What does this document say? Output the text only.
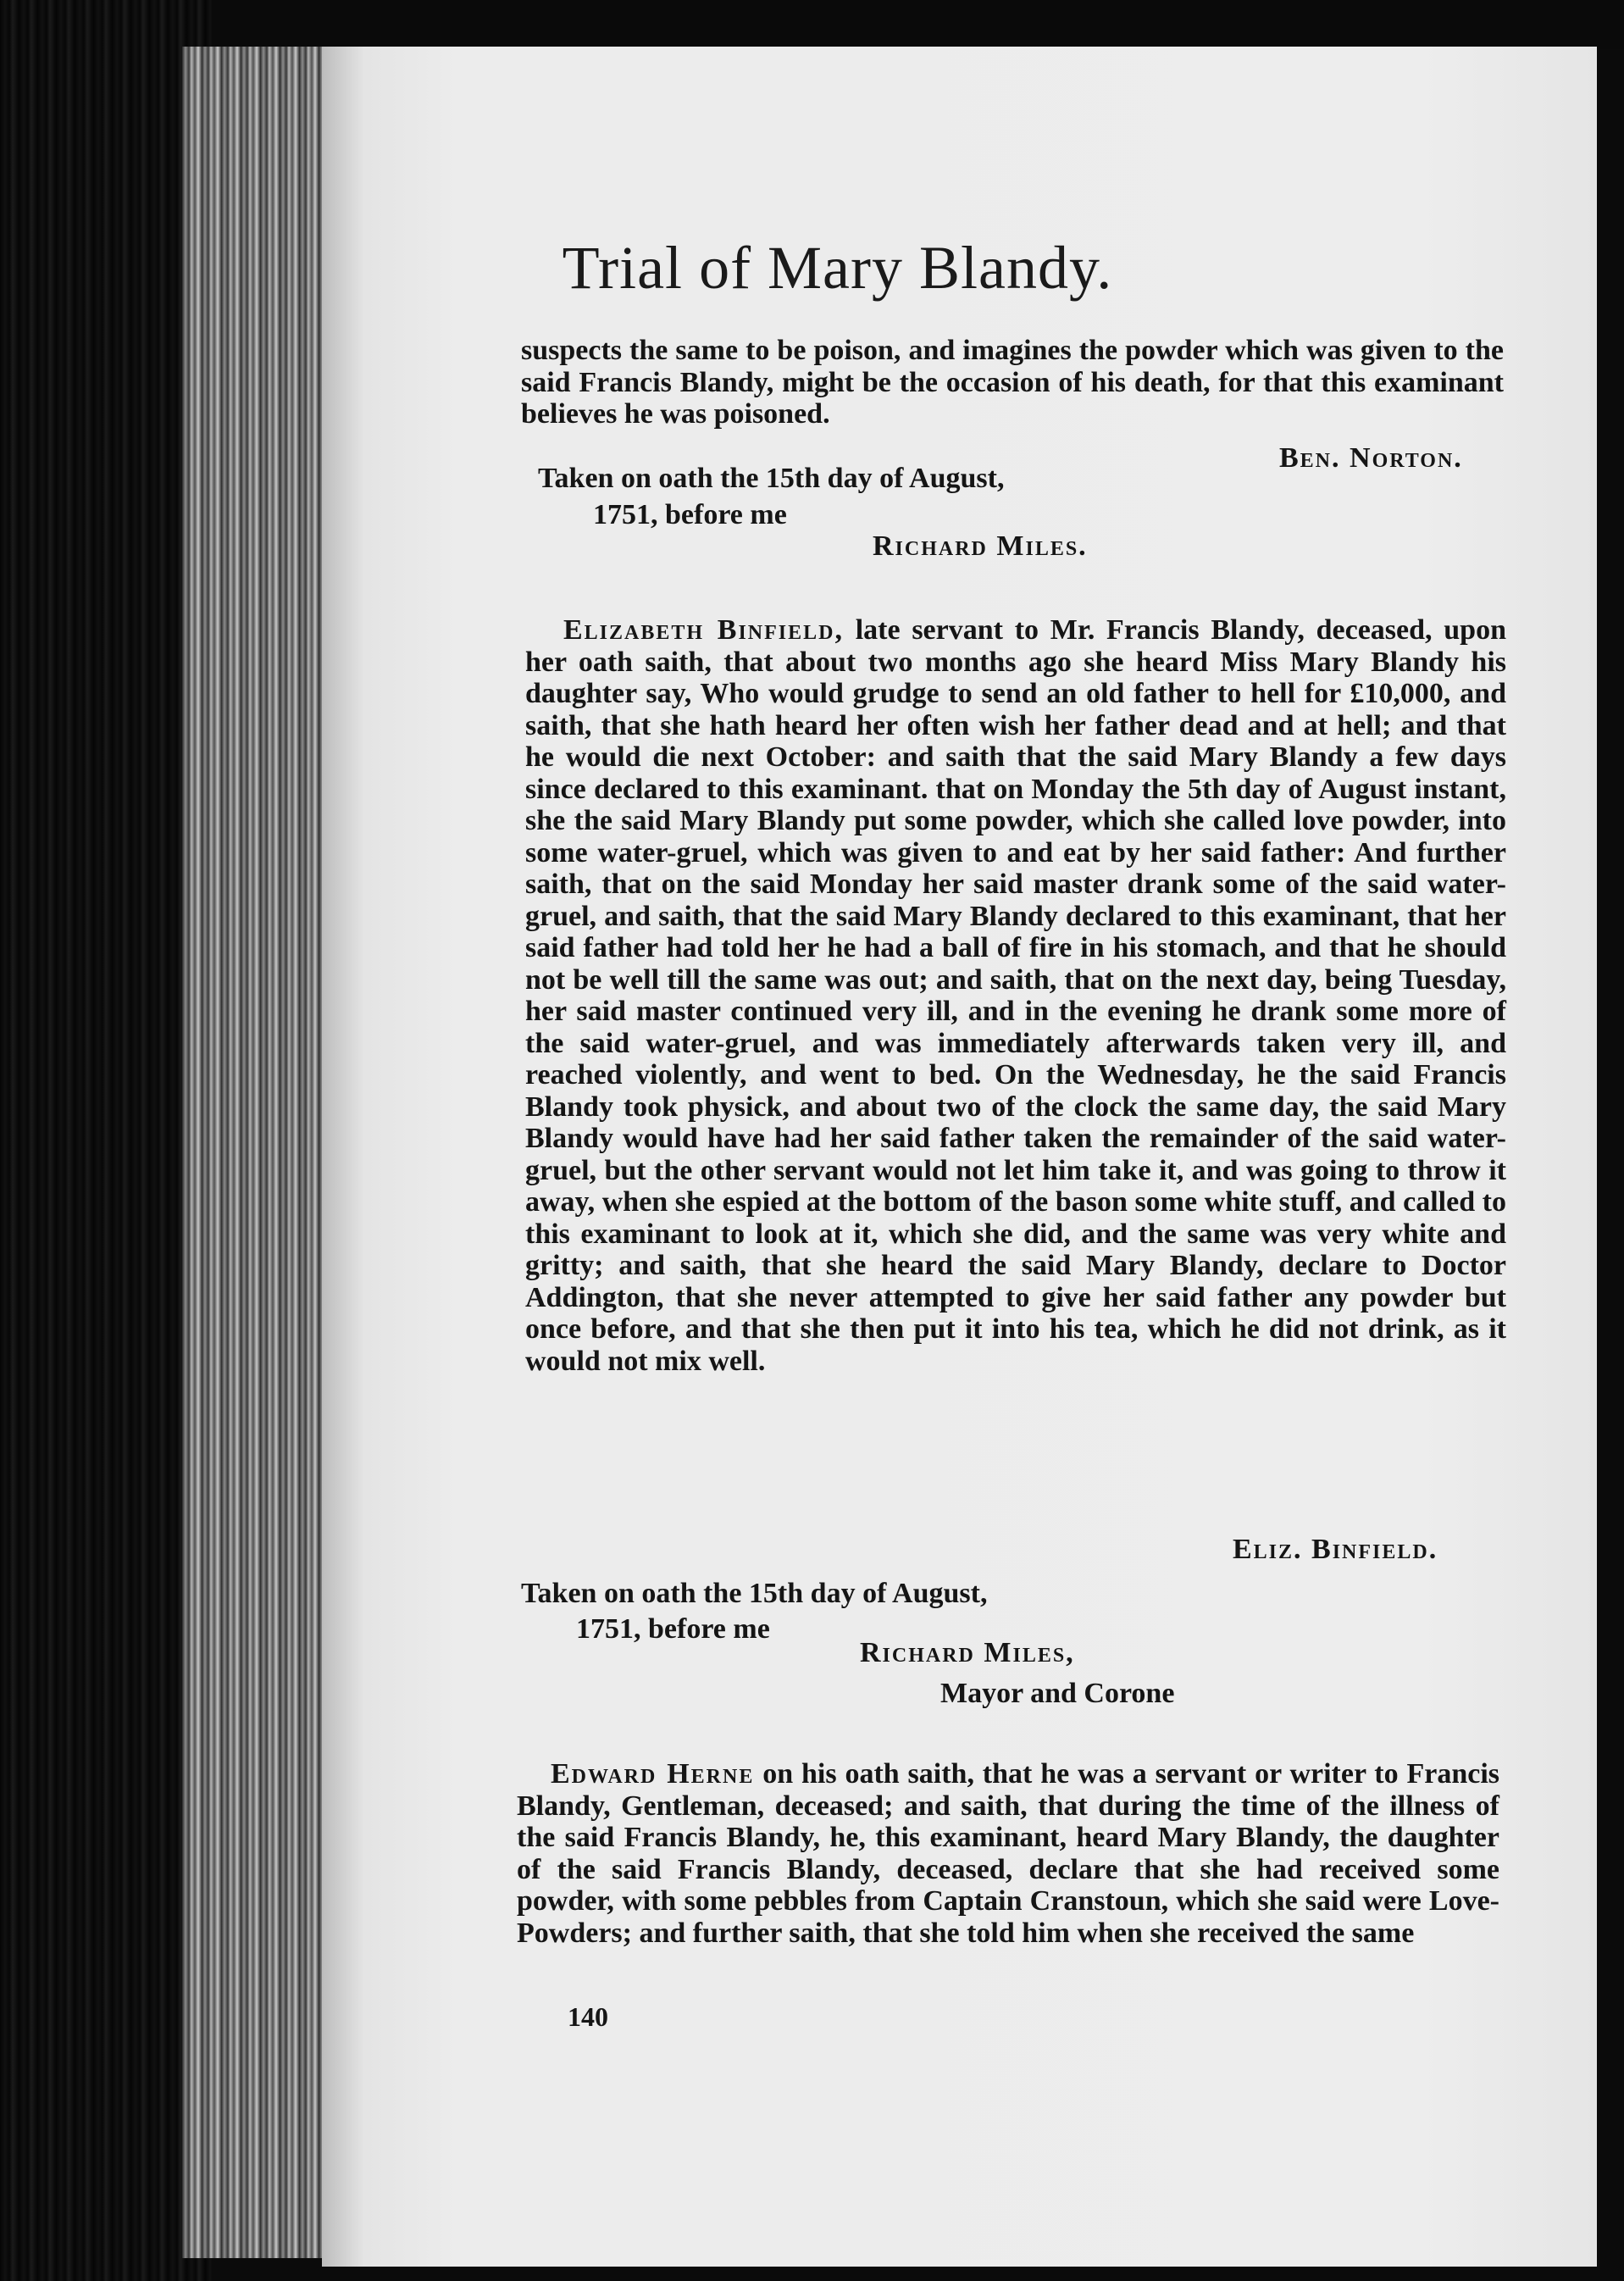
Trial of Mary Blandy.

suspects the same to be poison, and imagines the powder which was given to the said Francis Blandy, might be the occasion of his death, for that this examinant believes he was poisoned.

Ben. Norton.
Taken on oath the 15th day of August,
1751, before me
Richard Miles.

Elizabeth Binfield, late servant to Mr. Francis Blandy, deceased, upon her oath saith, that about two months ago she heard Miss Mary Blandy his daughter say, Who would grudge to send an old father to hell for £10,000, and saith, that she hath heard her often wish her father dead and at hell; and that he would die next October: and saith that the said Mary Blandy a few days since declared to this examinant. that on Monday the 5th day of August instant, she the said Mary Blandy put some powder, which she called love powder, into some water-gruel, which was given to and eat by her said father: And further saith, that on the said Monday her said master drank some of the said water-gruel, and saith, that the said Mary Blandy declared to this examinant, that her said father had told her he had a ball of fire in his stomach, and that he should not be well till the same was out; and saith, that on the next day, being Tuesday, her said master continued very ill, and in the evening he drank some more of the said water-gruel, and was immediately afterwards taken very ill, and reached violently, and went to bed. On the Wednesday, he the said Francis Blandy took physick, and about two of the clock the same day, the said Mary Blandy would have had her said father taken the remainder of the said water-gruel, but the other servant would not let him take it, and was going to throw it away, when she espied at the bottom of the bason some white stuff, and called to this examinant to look at it, which she did, and the same was very white and gritty; and saith, that she heard the said Mary Blandy, declare to Doctor Addington, that she never attempted to give her said father any powder but once before, and that she then put it into his tea, which he did not drink, as it would not mix well.

Eliz. Binfield.
Taken on oath the 15th day of August,
1751, before me
Richard Miles,
Mayor and Corone

Edward Herne on his oath saith, that he was a servant or writer to Francis Blandy, Gentleman, deceased; and saith, that during the time of the illness of the said Francis Blandy, he, this examinant, heard Mary Blandy, the daughter of the said Francis Blandy, deceased, declare that she had received some powder, with some pebbles from Captain Cranstoun, which she said were Love-Powders; and further saith, that she told him when she received the same

140
